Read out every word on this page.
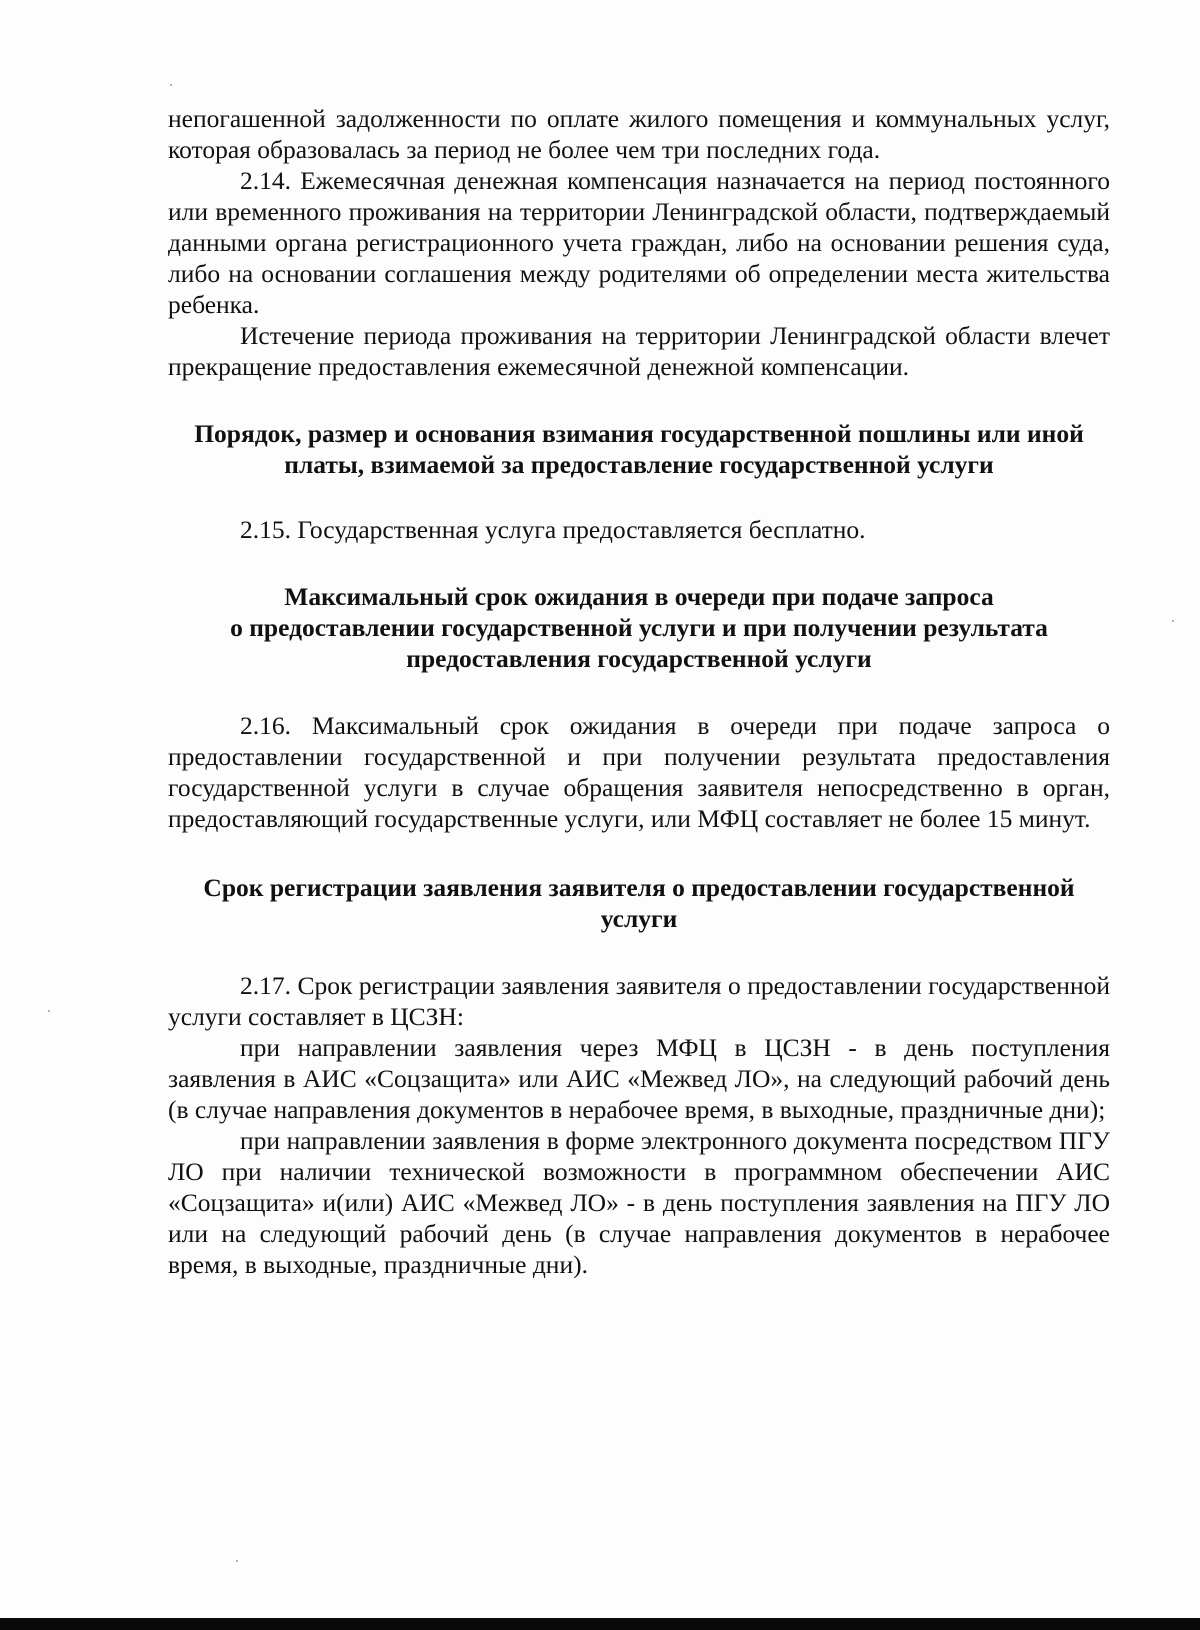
непогашенной задолженности по оплате жилого помещения и коммунальных услуг, которая образовалась за период не более чем три последних года.

2.14. Ежемесячная денежная компенсация назначается на период постоянного или временного проживания на территории Ленинградской области, подтверждаемый данными органа регистрационного учета граждан, либо на основании решения суда, либо на основании соглашения между родителями об определении места жительства ребенка.

Истечение периода проживания на территории Ленинградской области влечет прекращение предоставления ежемесячной денежной компенсации.

Порядок, размер и основания взимания государственной пошлины или иной платы, взимаемой за предоставление государственной услуги

2.15. Государственная услуга предоставляется бесплатно.

Максимальный срок ожидания в очереди при подаче запроса

о предоставлении государственной услуги и при получении результата предоставления государственной услуги

2.16. Максимальный срок ожидания в очереди при подаче запроса о предоставлении государственной и при получении результата предоставления государственной услуги в случае обращения заявителя непосредственно в орган, предоставляющий государственные услуги, или МФЦ составляет не более 15 минут.

Срок регистрации заявления заявителя о предоставлении государственной услуги

2.17. Срок регистрации заявления заявителя о предоставлении государственной услуги составляет в ЦСЗН:

при направлении заявления через МФЦ в ЦСЗН - в день поступления заявления в АИС «Соцзащита» или АИС «Межвед ЛО», на следующий рабочий день (в случае направления документов в нерабочее время, в выходные, праздничные дни);

при направлении заявления в форме электронного документа посредством ПГУ ЛО при наличии технической возможности в программном обеспечении АИС «Соцзащита» и(или) АИС «Межвед ЛО» - в день поступления заявления на ПГУ ЛО или на следующий рабочий день (в случае направления документов в нерабочее время, в выходные, праздничные дни).
